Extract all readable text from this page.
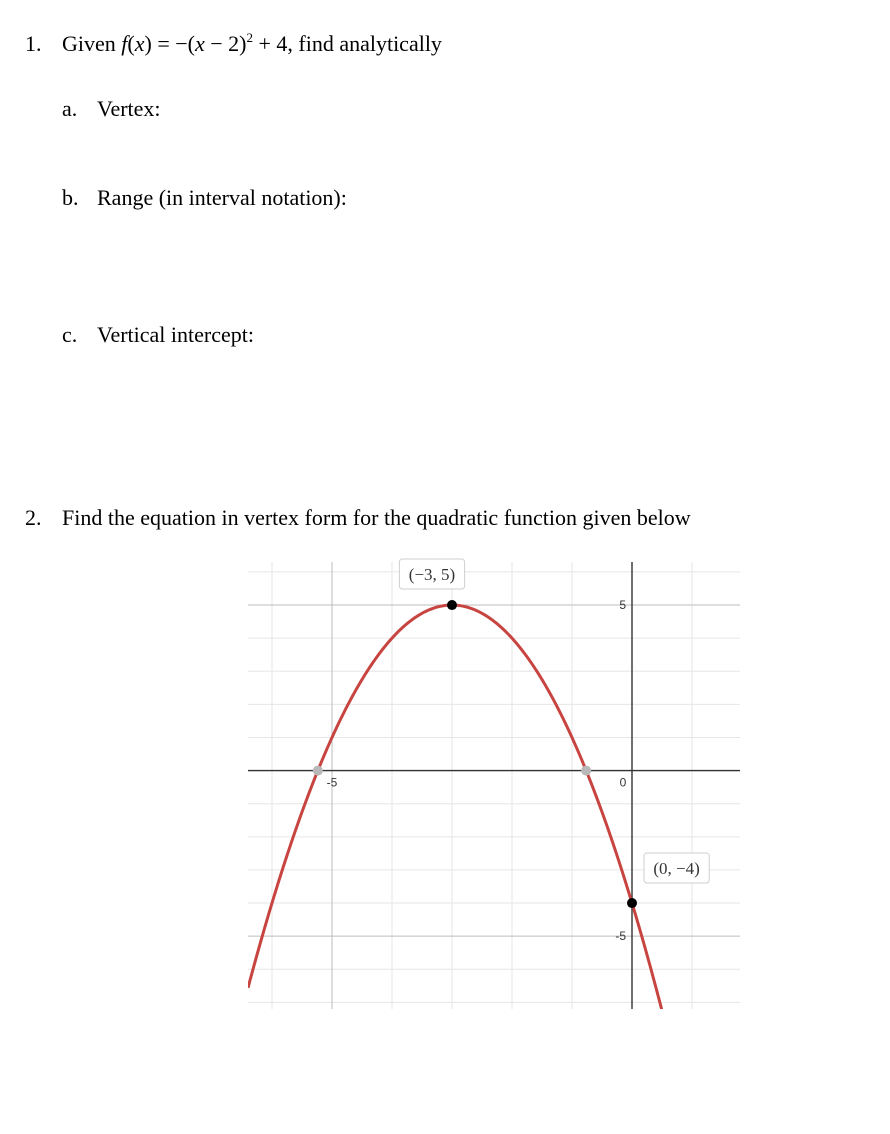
1. Given $f(x) = -(x - 2)^2 + 4$, find analytically
a. Vertex:
b. Range (in interval notation):
c. Vertical intercept:
2. Find the equation in vertex form for the quadratic function given below
-5	0
5
-5
(−3, 5)
(0, −4)
